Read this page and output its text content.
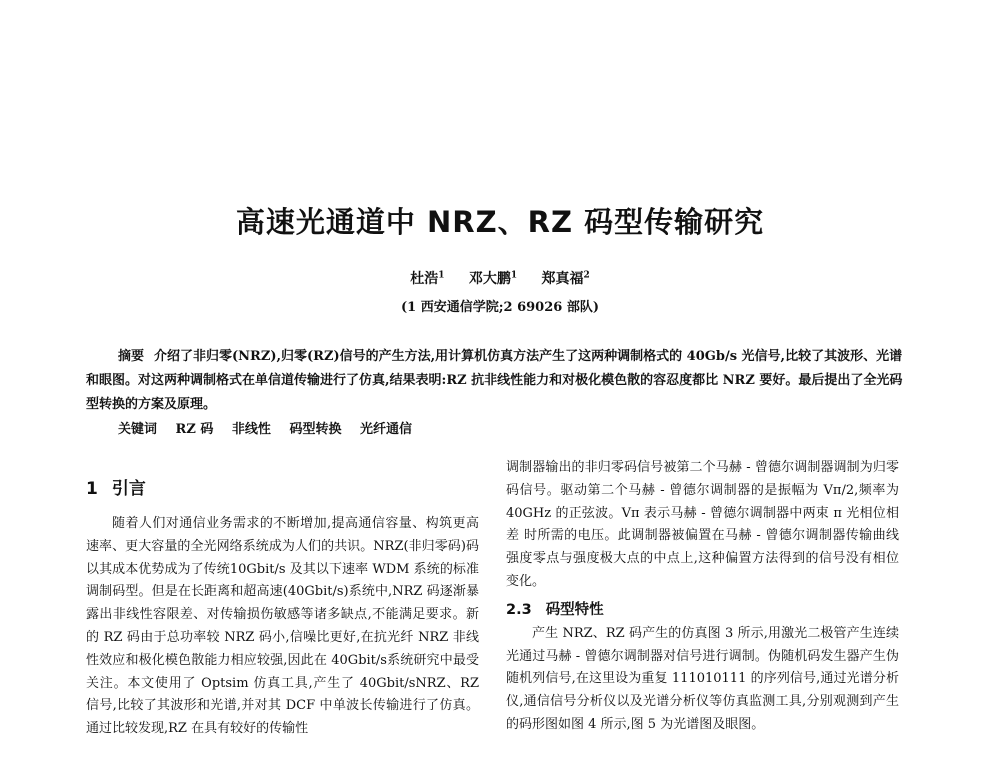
高速光通道中 NRZ、RZ 码型传输研究
杜浩$^1$ 邓大鹏$^1$ 郑真福$^2$
(1 西安通信学院;2 69026 部队)
摘要 介绍了非归零(NRZ),归零(RZ)信号的产生方法,用计算机仿真方法产生了这两种调制格式的 40Gb/s 光信号,比较了其波形、光谱和眼图。对这两种调制格式在单信道传输进行了仿真,结果表明:RZ 抗非线性能力和对极化模色散的容忍度都比 NRZ 要好。最后提出了全光码型转换的方案及原理。
关键词 RZ 码 非线性 码型转换 光纤通信
1 引言
随着人们对通信业务需求的不断增加,提高通信容量、构筑更高速率、更大容量的全光网络系统成为人们的共识。NRZ(非归零码)码以其成本优势成为了传统10Gbit/s 及其以下速率 WDM 系统的标准调制码型。但是在长距离和超高速(40Gbit/s)系统中,NRZ 码逐渐暴露出非线性容限差、对传输损伤敏感等诸多缺点,不能满足要求。新的 RZ 码由于总功率较 NRZ 码小,信噪比更好,在抗光纤 NRZ 非线性效应和极化模色散能力相应较强,因此在 40Gbit/s系统研究中最受关注。本文使用了 Optsim 仿真工具,产生了 40Gbit/sNRZ、RZ 信号,比较了其波形和光谱,并对其 DCF 中单波长传输进行了仿真。通过比较发现,RZ 在具有较好的传输性
调制器输出的非归零码信号被第二个马赫 - 曾德尔调制器调制为归零码信号。驱动第二个马赫 - 曾德尔调制器的是振幅为 Vπ/2,频率为 40GHz 的正弦波。Vπ 表示马赫 - 曾德尔调制器中两束 π 光相位相差 时所需的电压。此调制器被偏置在马赫 - 曾德尔调制器传输曲线强度零点与强度极大点的中点上,这种偏置方法得到的信号没有相位变化。
2.3 码型特性
产生 NRZ、RZ 码产生的仿真图 3 所示,用激光二极管产生连续光通过马赫 - 曾德尔调制器对信号进行调制。伪随机码发生器产生伪随机列信号,在这里设为重复 111010111 的序列信号,通过光谱分析仪,通信信号分析仪以及光谱分析仪等仿真监测工具,分别观测到产生的码形图如图 4 所示,图 5 为光谱图及眼图。
